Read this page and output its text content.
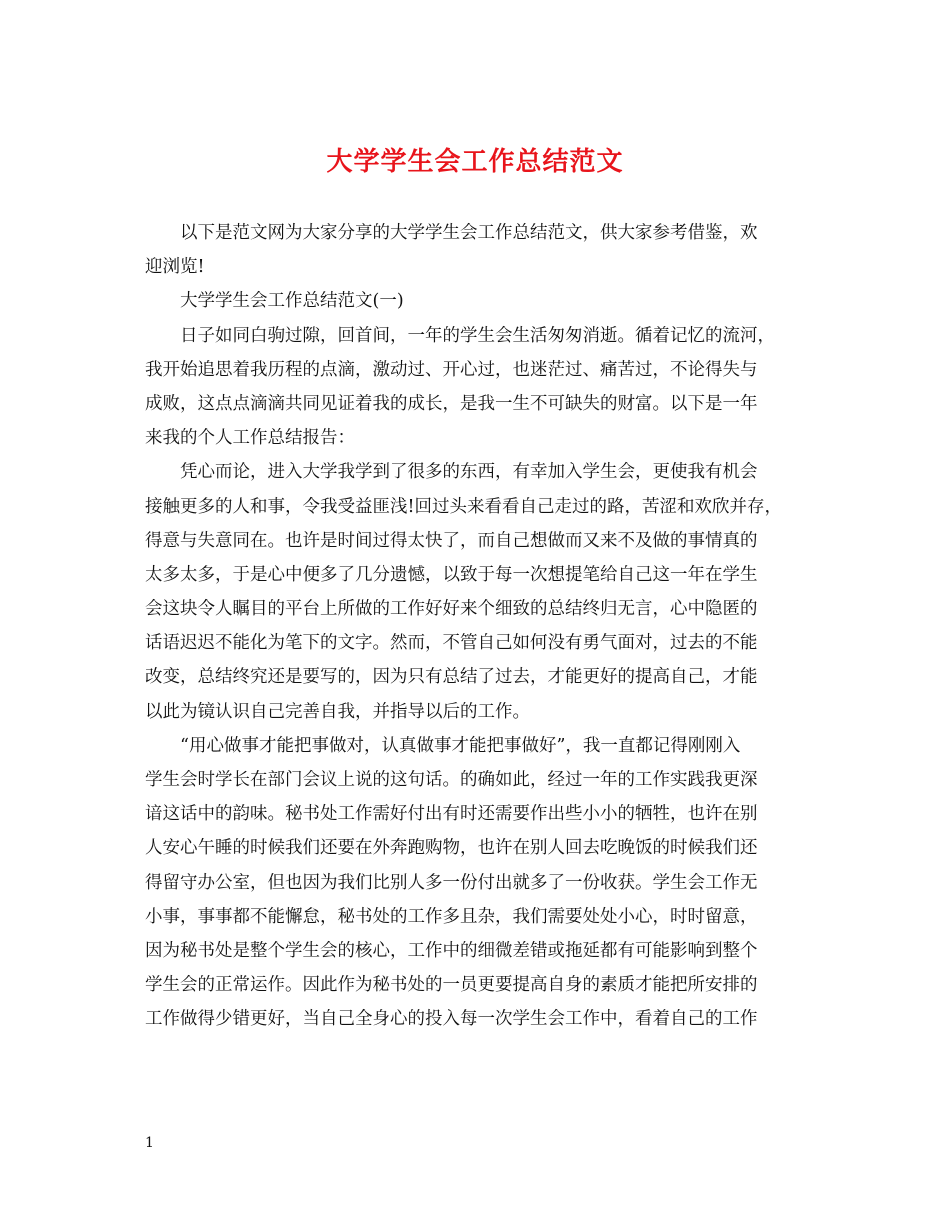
大学学生会工作总结范文
以下是范文网为大家分享的大学学生会工作总结范文，供大家参考借鉴，欢
迎浏览!
大学学生会工作总结范文(一)
日子如同白驹过隙，回首间，一年的学生会生活匆匆消逝。循着记忆的流河，
我开始追思着我历程的点滴，激动过、开心过，也迷茫过、痛苦过，不论得失与
成败，这点点滴滴共同见证着我的成长，是我一生不可缺失的财富。以下是一年
来我的个人工作总结报告：
凭心而论，进入大学我学到了很多的东西，有幸加入学生会，更使我有机会
接触更多的人和事，令我受益匪浅!回过头来看看自己走过的路，苦涩和欢欣并存，
得意与失意同在。也许是时间过得太快了，而自己想做而又来不及做的事情真的
太多太多，于是心中便多了几分遗憾，以致于每一次想提笔给自己这一年在学生
会这块令人瞩目的平台上所做的工作好好来个细致的总结终归无言，心中隐匿的
话语迟迟不能化为笔下的文字。然而，不管自己如何没有勇气面对，过去的不能
改变，总结终究还是要写的，因为只有总结了过去，才能更好的提高自己，才能
以此为镜认识自己完善自我，并指导以后的工作。
“用心做事才能把事做对，认真做事才能把事做好”，我一直都记得刚刚入
学生会时学长在部门会议上说的这句话。的确如此，经过一年的工作实践我更深
谙这话中的韵味。秘书处工作需好付出有时还需要作出些小小的牺牲，也许在别
人安心午睡的时候我们还要在外奔跑购物，也许在别人回去吃晚饭的时候我们还
得留守办公室，但也因为我们比别人多一份付出就多了一份收获。学生会工作无
小事，事事都不能懈怠，秘书处的工作多且杂，我们需要处处小心，时时留意，
因为秘书处是整个学生会的核心，工作中的细微差错或拖延都有可能影响到整个
学生会的正常运作。因此作为秘书处的一员更要提高自身的素质才能把所安排的
工作做得少错更好，当自己全身心的投入每一次学生会工作中，看着自己的工作
1
